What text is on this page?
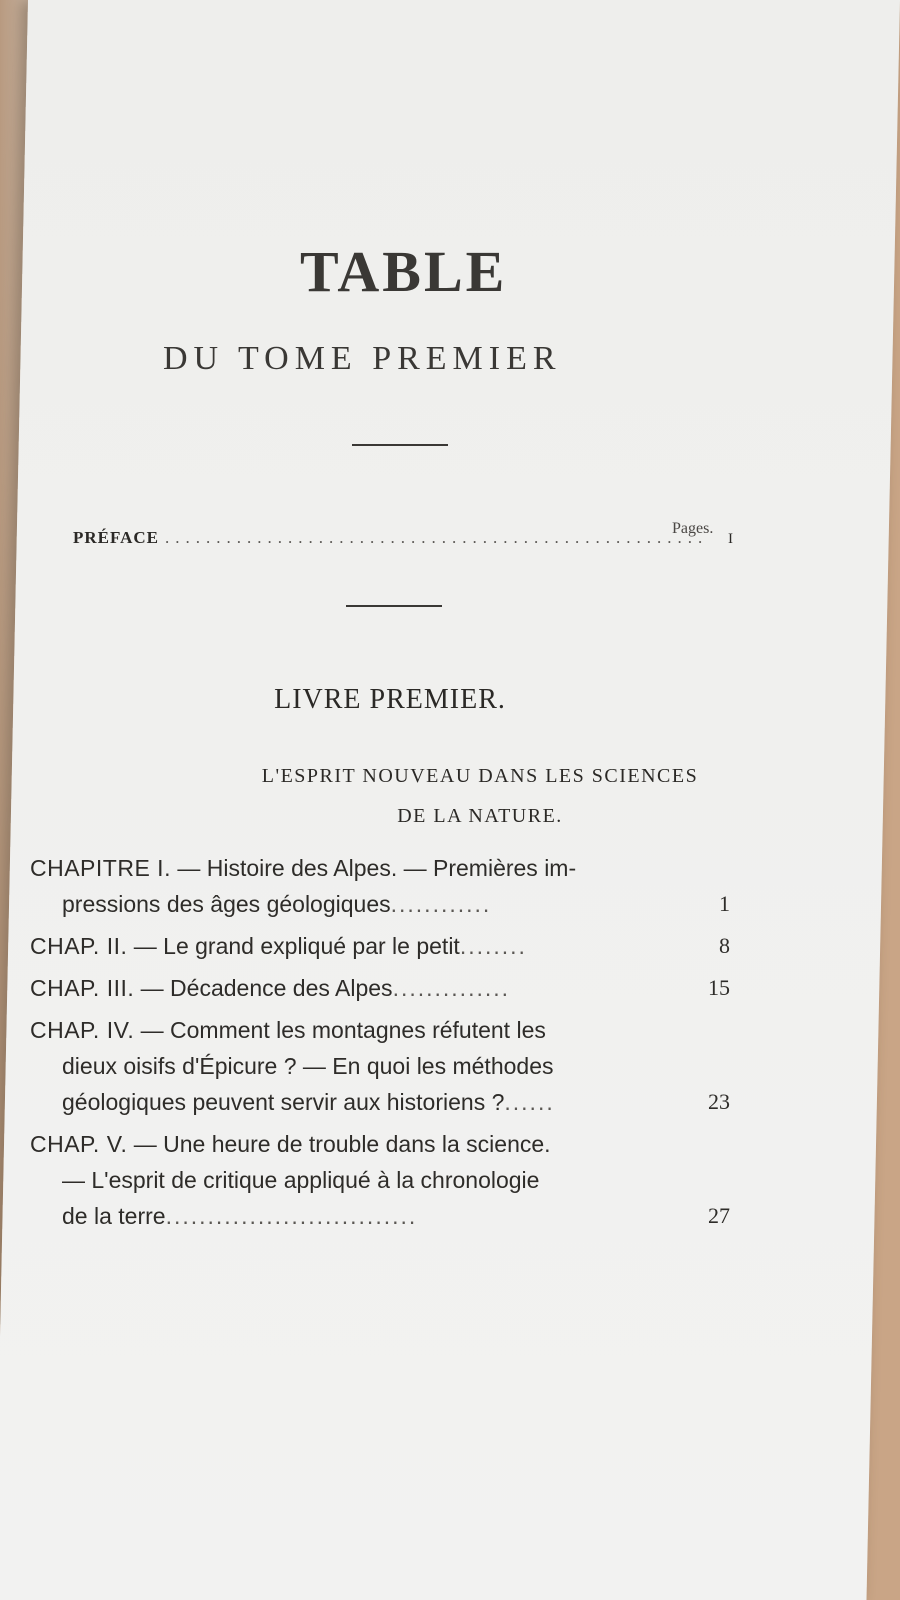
TABLE
DU TOME PREMIER
Pages.
PRÉFACE .....	I
LIVRE PREMIER.
L'ESPRIT NOUVEAU DANS LES SCIENCES
DE LA NATURE.
CHAPITRE I. — Histoire des Alpes. — Premières im-
pressions des âges géologiques............	1
CHAP. II. — Le grand expliqué par le petit........	8
CHAP. III. — Décadence des Alpes..............	15
CHAP. IV. — Comment les montagnes réfutent les
dieux oisifs d'Épicure ? — En quoi les méthodes
géologiques peuvent servir aux historiens ?......	23
CHAP. V. — Une heure de trouble dans la science.
— L'esprit de critique appliqué à la chronologie
de la terre..............................	27
